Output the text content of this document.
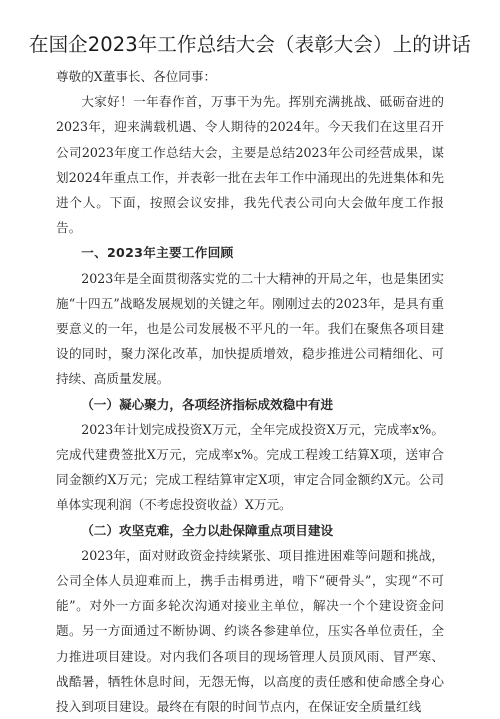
在国企2023年工作总结大会（表彰大会）上的讲话

尊敬的X董事长、各位同事：

大家好！一年春作首，万事干为先。挥别充满挑战、砥砺奋进的2023年，迎来满载机遇、令人期待的2024年。今天我们在这里召开公司2023年度工作总结大会，主要是总结2023年公司经营成果，谋划2024年重点工作，并表彰一批在去年工作中涌现出的先进集体和先进个人。下面，按照会议安排，我先代表公司向大会做年度工作报告。

一、2023年主要工作回顾

2023年是全面贯彻落实党的二十大精神的开局之年，也是集团实施“十四五”战略发展规划的关键之年。刚刚过去的2023年，是具有重要意义的一年，也是公司发展极不平凡的一年。我们在聚焦各项目建设的同时，聚力深化改革，加快提质增效，稳步推进公司精细化、可持续、高质量发展。

（一）凝心聚力，各项经济指标成效稳中有进

2023年计划完成投资X万元，全年完成投资X万元，完成率x%。完成代建费签批X万元，完成率x%。完成工程竣工结算X项，送审合同金额约X万元；完成工程结算审定X项，审定合同金额约X元。公司单体实现利润（不考虑投资收益）X万元。

（二）攻坚克难，全力以赴保障重点项目建设

2023年，面对财政资金持续紧张、项目推进困难等问题和挑战，公司全体人员迎难而上，携手击楫勇进，啃下“硬骨头”，实现“不可能”。对外一方面多轮次沟通对接业主单位，解决一个个建设资金问题。另一方面通过不断协调、约谈各参建单位，压实各单位责任，全力推进项目建设。对内我们各项目的现场管理人员顶风雨、冒严寒、战酷暑，牺牲休息时间，无怨无悔，以高度的责任感和使命感全身心投入到项目建设。最终在有限的时间节点内，在保证安全质量红线
